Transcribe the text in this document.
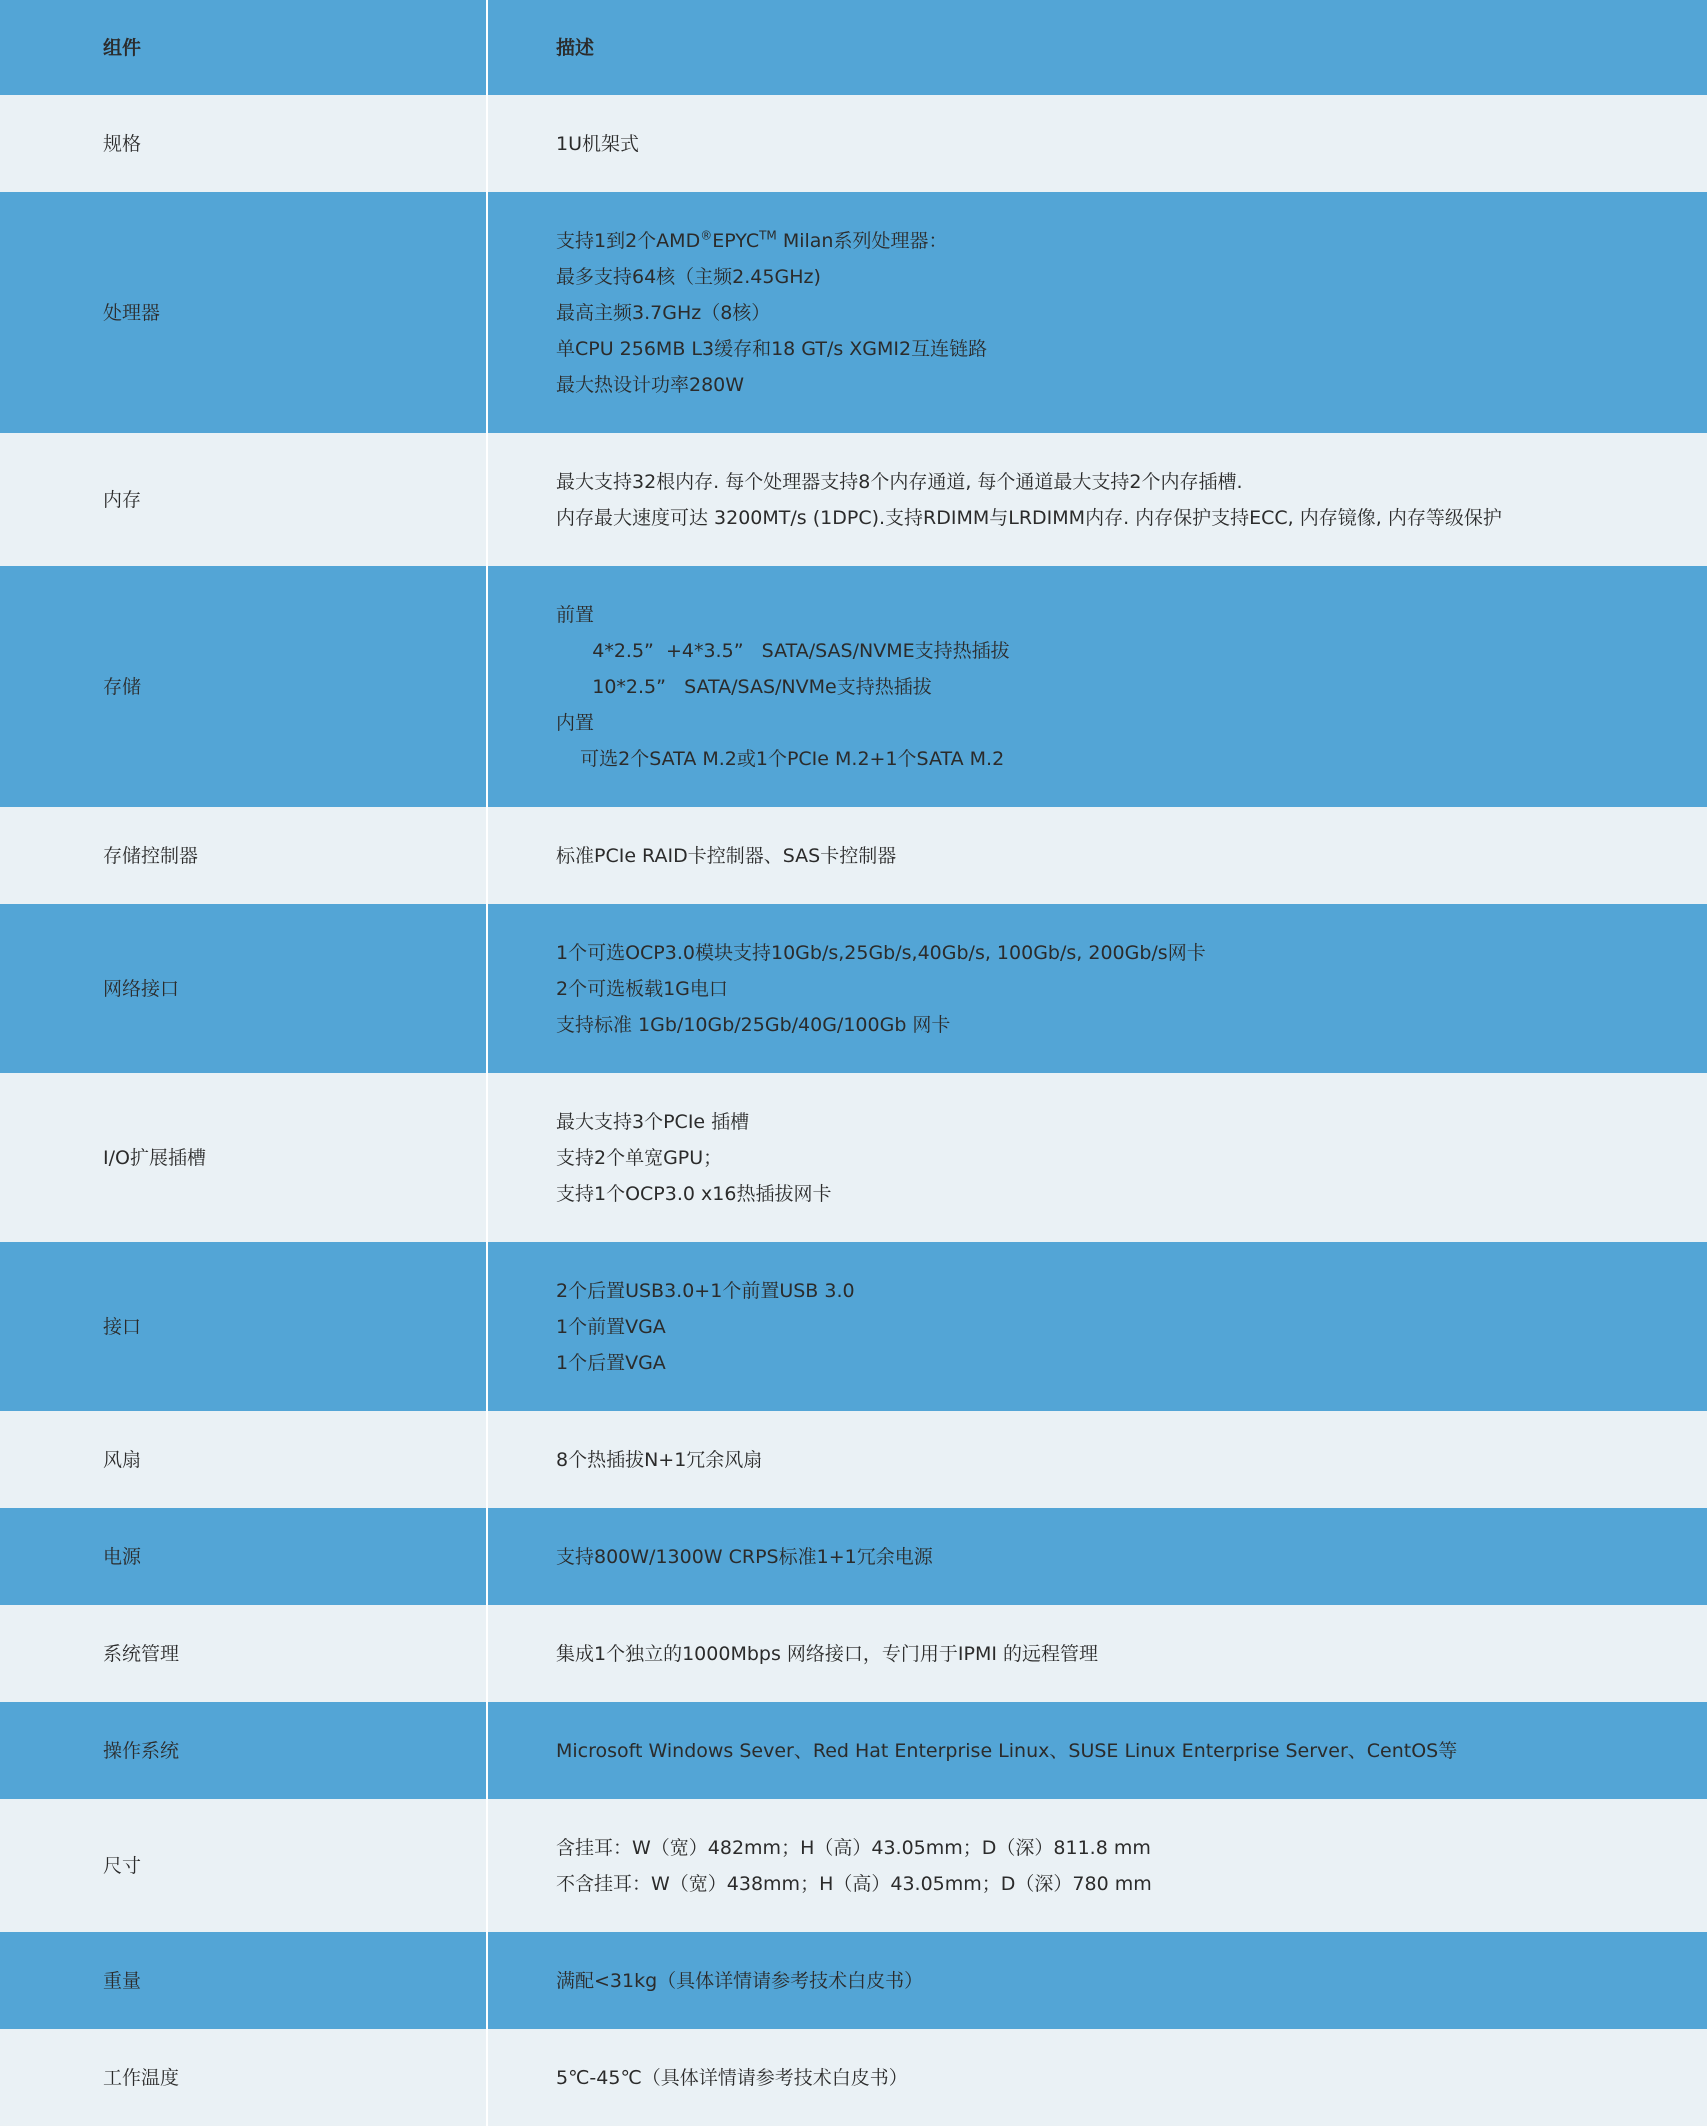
组件	描述
规格	1U机架式

处理器	支持1到2个AMD®EPYC™ Milan系列处理器：
最多支持64核（主频2.45GHz)
最高主频3.7GHz（8核）
单CPU 256MB L3缓存和18 GT/s XGMI2互连链路
最大热设计功率280W

内存	最大支持32根内存. 每个处理器支持8个内存通道, 每个通道最大支持2个内存插槽.
内存最大速度可达 3200MT/s (1DPC).支持RDIMM与LRDIMM内存. 内存保护支持ECC, 内存镜像, 内存等级保护

存储	前置
4*2.5”  +4*3.5”   SATA/SAS/NVME支持热插拔
10*2.5”   SATA/SAS/NVMe支持热插拔
内置
可选2个SATA M.2或1个PCIe M.2+1个SATA M.2

存储控制器	标准PCIe RAID卡控制器、SAS卡控制器

网络接口	1个可选OCP3.0模块支持10Gb/s,25Gb/s,40Gb/s, 100Gb/s, 200Gb/s网卡
2个可选板载1G电口
支持标准 1Gb/10Gb/25Gb/40G/100Gb 网卡

I/O扩展插槽	最大支持3个PCIe 插槽
支持2个单宽GPU；
支持1个OCP3.0 x16热插拔网卡

接口	2个后置USB3.0+1个前置USB 3.0
1个前置VGA
1个后置VGA

风扇	8个热插拔N+1冗余风扇

电源	支持800W/1300W CRPS标准1+1冗余电源

系统管理	集成1个独立的1000Mbps 网络接口，专门用于IPMI 的远程管理

操作系统	Microsoft Windows Sever、Red Hat Enterprise Linux、SUSE Linux Enterprise Server、CentOS等

尺寸	含挂耳：W（宽）482mm；H（高）43.05mm；D（深）811.8 mm
不含挂耳：W（宽）438mm；H（高）43.05mm；D（深）780 mm

重量	满配<31kg（具体详情请参考技术白皮书）

工作温度	5℃-45℃（具体详情请参考技术白皮书）
